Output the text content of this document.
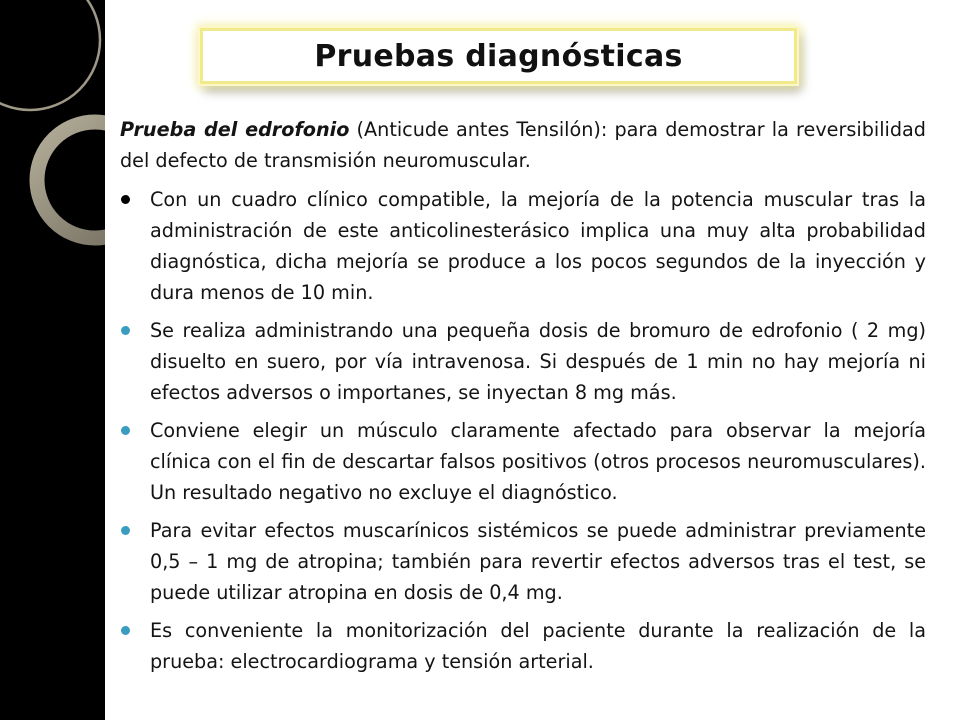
Pruebas diagnósticas

Prueba del edrofonio (Anticude antes Tensilón): para demostrar la reversibilidad del defecto de transmisión neuromuscular.

Con un cuadro clínico compatible, la mejoría de la potencia muscular tras la administración de este anticolinesterásico implica una muy alta probabilidad diagnóstica, dicha mejoría se produce a los pocos segundos de la inyección y dura menos de 10 min.
Se realiza administrando una pequeña dosis de bromuro de edrofonio ( 2 mg) disuelto en suero, por vía intravenosa. Si después de 1 min no hay mejoría ni efectos adversos o importanes, se inyectan 8 mg más.
Conviene elegir un músculo claramente afectado para observar la mejoría clínica con el fin de descartar falsos positivos (otros procesos neuromusculares). Un resultado negativo no excluye el diagnóstico.
Para evitar efectos muscarínicos sistémicos se puede administrar previamente 0,5 – 1 mg de atropina; también para revertir efectos adversos tras el test, se puede utilizar atropina en dosis de 0,4 mg.
Es conveniente la monitorización del paciente durante la realización de la prueba: electrocardiograma y tensión arterial.
